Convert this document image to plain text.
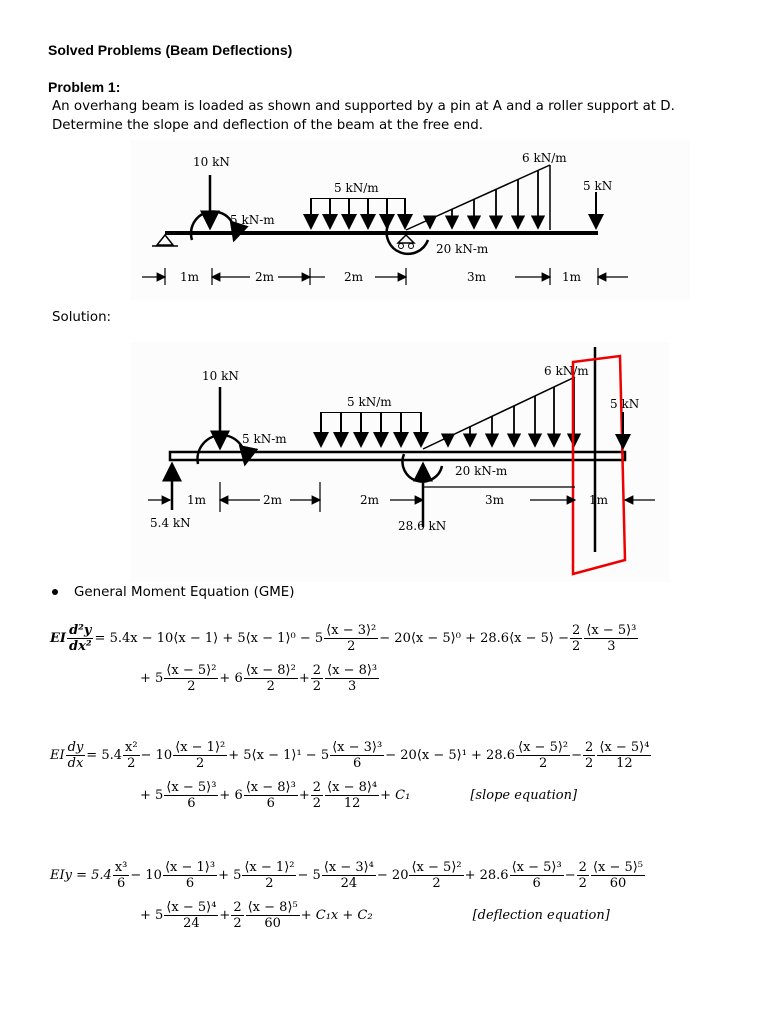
Solved Problems (Beam Deflections)
Problem 1:
An overhang beam is loaded as shown and supported by a pin at A and a roller support at D. Determine the slope and deflection of the beam at the free end.
10 kN
5 kN-m
5 kN/m
6 kN/m
5 kN
20 kN-m
1m	2m	2m	3m	1m
Solution:
10 kN
5 kN-m
5 kN/m
6 kN/m
5 kN
5.4 kN	28.6 kN
20 kN-m
1m	2m	2m	3m	1m
General Moment Equation (GME)
EI $\frac{\text{d²y}}{\text{dx²}} = 5.4x$ − 10⟨x − 1⟩ + 5⟨x − 1⟩⁰ − $5 \frac{\text{⟨x − 3⟩²}}{2}$ − 20⟨x − 5⟩⁰ + 28.6⟨x − 5⟩ − $\frac{2}{2} \frac{\text{⟨x − 5⟩³}}{3}$
+ $5 \frac{\text{⟨x − 5⟩²}}{2} + 6 \frac{\text{⟨x − 8⟩²}}{2} + \frac{2}{2} \frac{\text{⟨x − 8⟩³}}{3}$
EI $\frac{dy}{dx} = 5.4 \frac{\text{x²}}{2} - 10 \frac{\text{⟨x − 1⟩²}}{2}$ + 5⟨x − 1⟩¹ − $5 \frac{\text{⟨x − 3⟩³}}{6}$ − 20⟨x − 5⟩¹ + $28.6 \frac{\text{⟨x − 5⟩²}}{2} - \frac{2}{2} \frac{\text{⟨x − 5⟩⁴}}{12}$
+ $5 \frac{\text{⟨x − 5⟩³}}{6} + 6 \frac{\text{⟨x − 8⟩³}}{6} + \frac{2}{2} \frac{\text{⟨x − 8⟩⁴}}{12} + C_1$	[slope equation]
EIy = $5.4 \frac{\text{x³}}{6} - 10 \frac{\text{⟨x − 1⟩³}}{6} + 5 \frac{\text{⟨x − 1⟩²}}{2} - 5 \frac{\text{⟨x − 3⟩⁴}}{24} - 20 \frac{\text{⟨x − 5⟩²}}{2} + 28.6 \frac{\text{⟨x − 5⟩³}}{6} - \frac{2}{2} \frac{\text{⟨x − 5⟩⁵}}{60}$
+ $5 \frac{\text{⟨x − 5⟩⁴}}{24} + \frac{2}{2} \frac{\text{⟨x − 8⟩⁵}}{60} + C_1x + C_2$	[deflection equation]
